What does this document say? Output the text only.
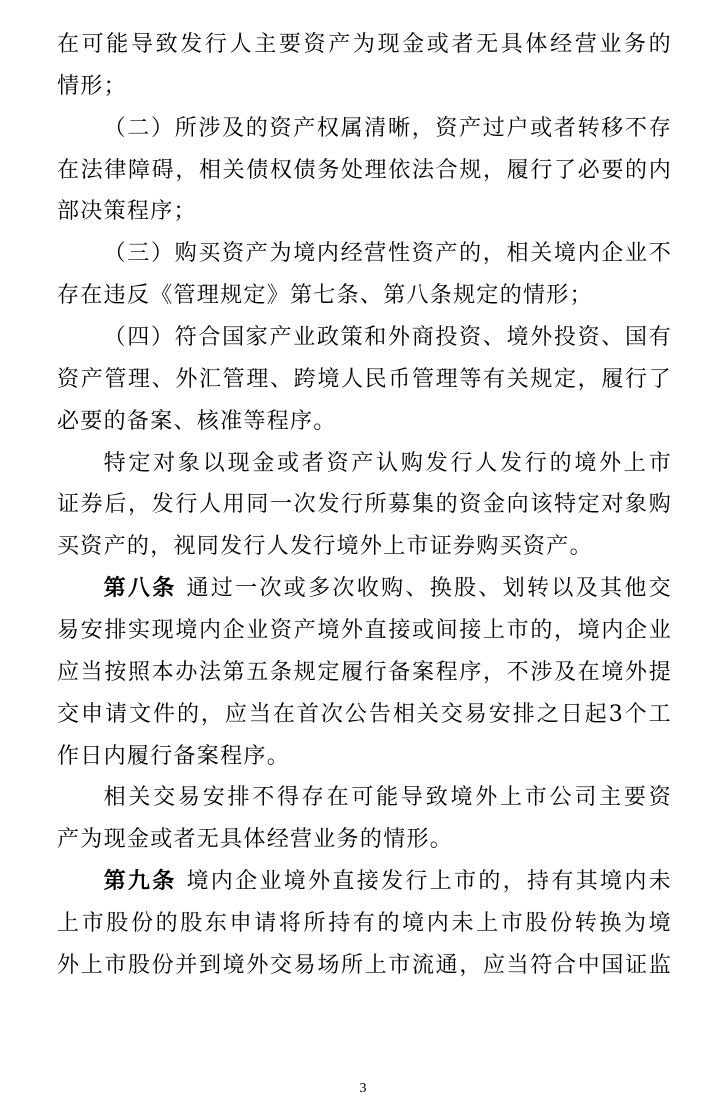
在可能导致发行人主要资产为现金或者无具体经营业务的
情形；
（二）所涉及的资产权属清晰，资产过户或者转移不存
在法律障碍，相关债权债务处理依法合规，履行了必要的内
部决策程序；
（三）购买资产为境内经营性资产的，相关境内企业不
存在违反《管理规定》第七条、第八条规定的情形；
（四）符合国家产业政策和外商投资、境外投资、国有
资产管理、外汇管理、跨境人民币管理等有关规定，履行了
必要的备案、核准等程序。
特定对象以现金或者资产认购发行人发行的境外上市
证券后，发行人用同一次发行所募集的资金向该特定对象购
买资产的，视同发行人发行境外上市证券购买资产。
第八条 通过一次或多次收购、换股、划转以及其他交
易安排实现境内企业资产境外直接或间接上市的，境内企业
应当按照本办法第五条规定履行备案程序，不涉及在境外提
交申请文件的，应当在首次公告相关交易安排之日起3个工
作日内履行备案程序。
相关交易安排不得存在可能导致境外上市公司主要资
产为现金或者无具体经营业务的情形。
第九条 境内企业境外直接发行上市的，持有其境内未
上市股份的股东申请将所持有的境内未上市股份转换为境
外上市股份并到境外交易场所上市流通，应当符合中国证监
3
